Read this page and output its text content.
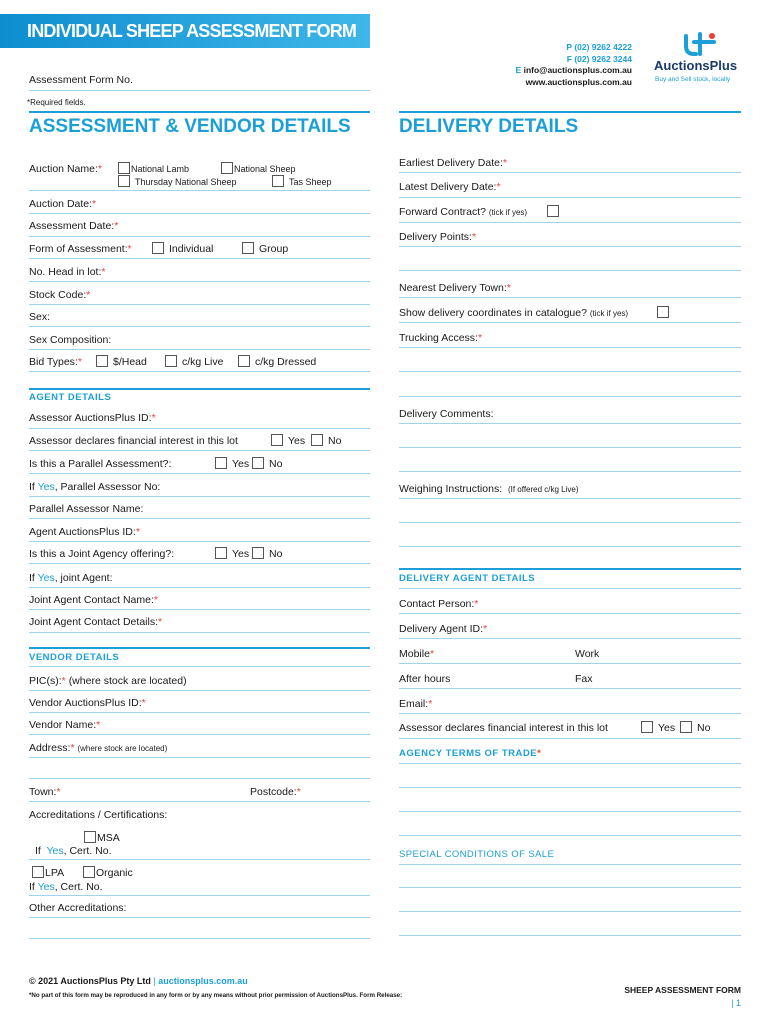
INDIVIDUAL SHEEP ASSESSMENT FORM
P (02) 9262 4222
F (02) 9262 3244
E info@auctionsplus.com.au
www.auctionsplus.com.au
AuctionsPlus
Buy and Sell stock, locally
Assessment Form No.
*Required fields.
ASSESSMENT & VENDOR DETAILS
Auction Name:*	National Lamb	National Sheep
Thursday National Sheep	Tas Sheep
Auction Date:*
Assessment Date:*
Form of Assessment:*	Individual	Group
No. Head in lot:*
Stock Code:*
Sex:
Sex Composition:
Bid Types:*	$/Head	c/kg Live	c/kg Dressed
AGENT DETAILS
Assessor AuctionsPlus ID:*
Assessor declares financial interest in this lot	Yes No
Is this a Parallel Assessment?:	Yes No
If Yes, Parallel Assessor No:
Parallel Assessor Name:
Agent AuctionsPlus ID:*
Is this a Joint Agency offering?:	Yes No
If Yes, joint Agent:
Joint Agent Contact Name:*
Joint Agent Contact Details:*
VENDOR DETAILS
PIC(s):* (where stock are located)
Vendor AuctionsPlus ID:*
Vendor Name:*
Address:* (where stock are located)
Town:*	Postcode:*
Accreditations / Certifications:
MSA
If Yes, Cert. No.
LPA	Organic
If Yes, Cert. No.
Other Accreditations:
DELIVERY DETAILS
Earliest Delivery Date:*
Latest Delivery Date:*
Forward Contract? (tick if yes)
Delivery Points:*
Nearest Delivery Town:*
Show delivery coordinates in catalogue? (tick if yes)
Trucking Access:*
Delivery Comments:
Weighing Instructions: (If offered c/kg Live)
DELIVERY AGENT DETAILS
Contact Person:*
Delivery Agent ID:*
Mobile*	Work
After hours	Fax
Email:*
Assessor declares financial interest in this lot	Yes No
AGENCY TERMS OF TRADE*
SPECIAL CONDITIONS OF SALE
© 2021 AuctionsPlus Pty Ltd | auctionsplus.com.au
*No part of this form may be reproduced in any form or by any means without prior permission of AuctionsPlus. Form Release:
SHEEP ASSESSMENT FORM
| 1
